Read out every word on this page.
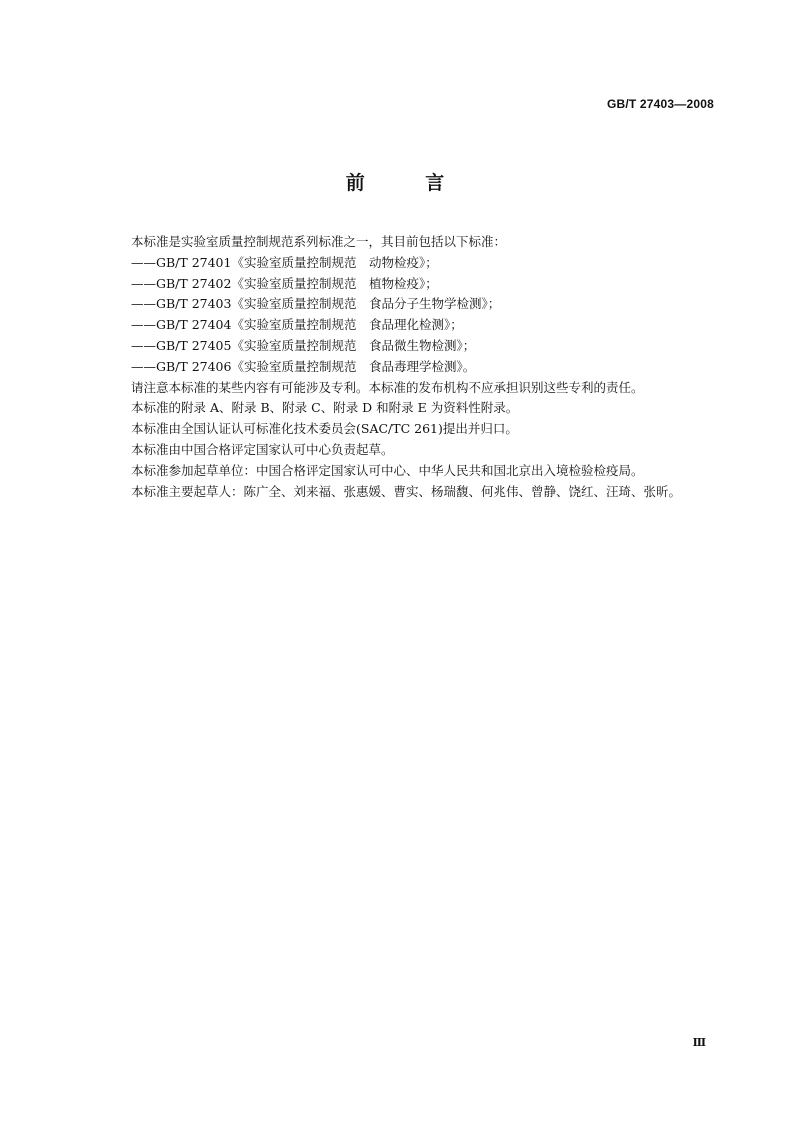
GB/T 27403—2008
前 言
本标准是实验室质量控制规范系列标准之一，其目前包括以下标准：
——GB/T 27401《实验室质量控制规范　动物检疫》；
——GB/T 27402《实验室质量控制规范　植物检疫》；
——GB/T 27403《实验室质量控制规范　食品分子生物学检测》；
——GB/T 27404《实验室质量控制规范　食品理化检测》；
——GB/T 27405《实验室质量控制规范　食品微生物检测》；
——GB/T 27406《实验室质量控制规范　食品毒理学检测》。
请注意本标准的某些内容有可能涉及专利。本标准的发布机构不应承担识别这些专利的责任。
本标准的附录 A、附录 B、附录 C、附录 D 和附录 E 为资料性附录。
本标准由全国认证认可标准化技术委员会(SAC/TC 261)提出并归口。
本标准由中国合格评定国家认可中心负责起草。
本标准参加起草单位：中国合格评定国家认可中心、中华人民共和国北京出入境检验检疫局。
本标准主要起草人：陈广全、刘来福、张惠媛、曹实、杨瑞馥、何兆伟、曾静、饶红、汪琦、张昕。
Ⅲ
